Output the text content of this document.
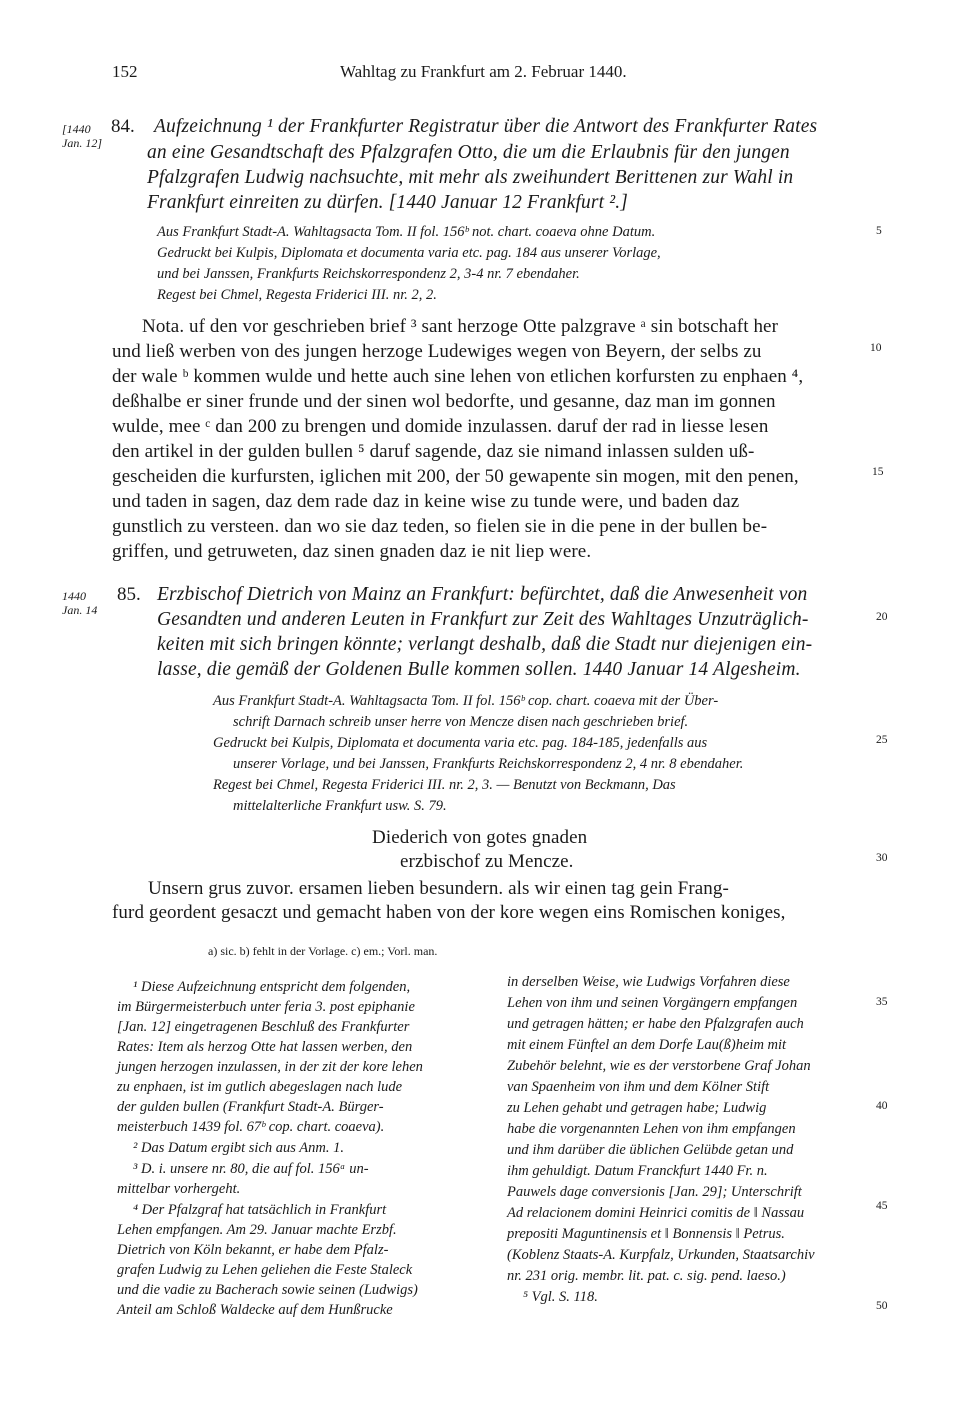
152	Wahltag zu Frankfurt am 2. Februar 1440.
[1440
Jan. 12]
84. Aufzeichnung ¹ der Frankfurter Registratur über die Antwort des Frankfurter Rates
an eine Gesandtschaft des Pfalzgrafen Otto, die um die Erlaubnis für den jungen
Pfalzgrafen Ludwig nachsuchte, mit mehr als zweihundert Berittenen zur Wahl in
Frankfurt einreiten zu dürfen. [1440 Januar 12 Frankfurt ².]
Aus Frankfurt Stadt-A. Wahltagsacta Tom. II fol. 156ᵇ not. chart. coaeva ohne Datum.
Gedruckt bei Kulpis, Diplomata et documenta varia etc. pag. 184 aus unserer Vorlage,
und bei Janssen, Frankfurts Reichskorrespondenz 2, 3-4 nr. 7 ebendaher.
Regest bei Chmel, Regesta Friderici III. nr. 2, 2.
Nota. uf den vor geschrieben brief ³ sant herzoge Otte palzgrave ᵃ sin botschaft her
und ließ werben von des jungen herzoge Ludewiges wegen von Beyern, der selbs zu
der wale ᵇ kommen wulde und hette auch sine lehen von etlichen korfursten zu enphaen ⁴,
deßhalbe er siner frunde und der sinen wol bedorfte, und gesanne, daz man im gonnen
wulde, mee ᶜ dan 200 zu brengen und domide inzulassen. daruf der rad in liesse lesen
den artikel in der gulden bullen ⁵ daruf sagende, daz sie nimand inlassen sulden uß-
gescheiden die kurfursten, iglichen mit 200, der 50 gewapente sin mogen, mit den penen,
und taden in sagen, daz dem rade daz in keine wise zu tunde were, und baden daz
gunstlich zu versteen. dan wo sie daz teden, so fielen sie in die pene in der bullen be-
griffen, und getruweten, daz sinen gnaden daz ie nit liep were.
1440
Jan. 14
85. Erzbischof Dietrich von Mainz an Frankfurt: befürchtet, daß die Anwesenheit von
Gesandten und anderen Leuten in Frankfurt zur Zeit des Wahltages Unzuträglich-
keiten mit sich bringen könnte; verlangt deshalb, daß die Stadt nur diejenigen ein-
lasse, die gemäß der Goldenen Bulle kommen sollen. 1440 Januar 14 Algesheim.
Aus Frankfurt Stadt-A. Wahltagsacta Tom. II fol. 156ᵇ cop. chart. coaeva mit der Über-
schrift Darnach schreib unser herre von Mencze disen nach geschrieben brief.
Gedruckt bei Kulpis, Diplomata et documenta varia etc. pag. 184-185, jedenfalls aus
unserer Vorlage, und bei Janssen, Frankfurts Reichskorrespondenz 2, 4 nr. 8 ebendaher.
Regest bei Chmel, Regesta Friderici III. nr. 2, 3. — Benutzt von Beckmann, Das
mittelalterliche Frankfurt usw. S. 79.
Diederich von gotes gnaden
erzbischof zu Mencze.
Unsern grus zuvor. ersamen lieben besundern. als wir einen tag gein Frang-
furd geordent gesaczt und gemacht haben von der kore wegen eins Romischen koniges,
a) sic. b) fehlt in der Vorlage. c) em.; Vorl. man.
¹ Diese Aufzeichnung entspricht dem folgenden,
im Bürgermeisterbuch unter feria 3. post epiphanie
[Jan. 12] eingetragenen Beschluß des Frankfurter
Rates: Item als herzog Otte hat lassen werben, den
jungen herzogen inzulassen, in der zit der kore lehen
zu enphaen, ist im gutlich abegeslagen nach lude
der gulden bullen (Frankfurt Stadt-A. Bürger-
meisterbuch 1439 fol. 67ᵇ cop. chart. coaeva).
² Das Datum ergibt sich aus Anm. 1.
³ D. i. unsere nr. 80, die auf fol. 156ᵃ un-
mittelbar vorhergeht.
⁴ Der Pfalzgraf hat tatsächlich in Frankfurt
Lehen empfangen. Am 29. Januar machte Erzbf.
Dietrich von Köln bekannt, er habe dem Pfalz-
grafen Ludwig zu Lehen geliehen die Feste Staleck
und die vadie zu Bacherach sowie seinen (Ludwigs)
Anteil am Schloß Waldecke auf dem Hunßrucke
in derselben Weise, wie Ludwigs Vorfahren diese
Lehen von ihm und seinen Vorgängern empfangen
und getragen hätten; er habe den Pfalzgrafen auch
mit einem Fünftel an dem Dorfe Lau(ß)heim mit
Zubehör belehnt, wie es der verstorbene Graf Johan
van Spaenheim von ihm und dem Kölner Stift
zu Lehen gehabt und getragen habe; Ludwig
habe die vorgenannten Lehen von ihm empfangen
und ihm darüber die üblichen Gelübde getan und
ihm gehuldigt. Datum Franckfurt 1440 Fr. n.
Pauwels dage conversionis [Jan. 29]; Unterschrift
Ad relacionem domini Heinrici comitis de ‖ Nassau
prepositi Maguntinensis et ‖ Bonnensis ‖ Petrus.
(Koblenz Staats-A. Kurpfalz, Urkunden, Staatsarchiv
nr. 231 orig. membr. lit. pat. c. sig. pend. laeso.)
⁵ Vgl. S. 118.
5
10
15
20
25
30
35
40
45
50
